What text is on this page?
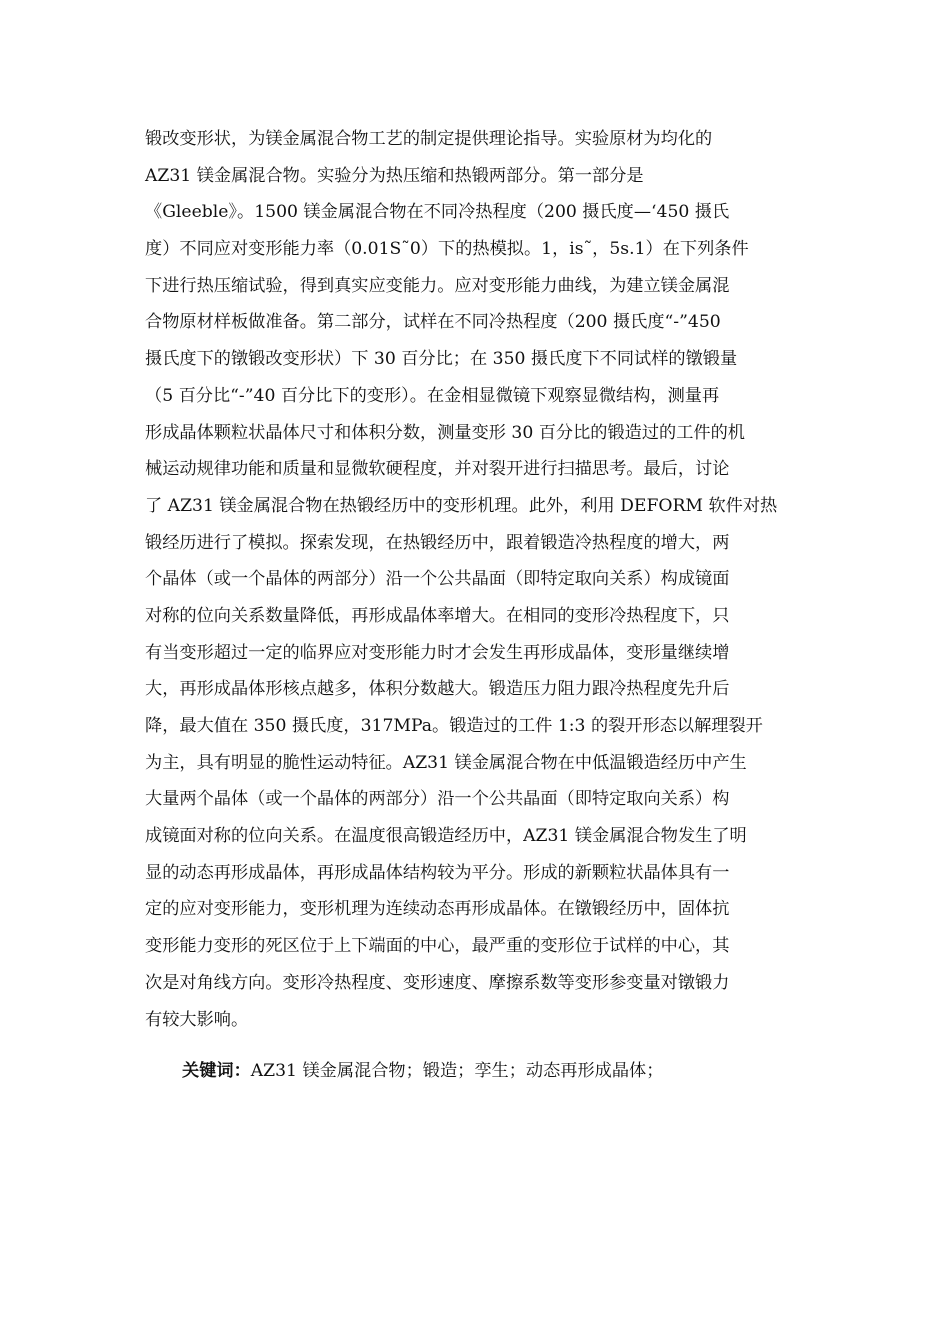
锻改变形状，为镁金属混合物工艺的制定提供理论指导。实验原材为均化的
AZ31 镁金属混合物。实验分为热压缩和热锻两部分。第一部分是
《Gleeble》。1500 镁金属混合物在不同冷热程度（200 摄氏度—‘450 摄氏
度）不同应对变形能力率（0.01S˜0）下的热模拟。1，is˜，5s.1）在下列条件
下进行热压缩试验，得到真实应变能力。应对变形能力曲线，为建立镁金属混
合物原材样板做准备。第二部分，试样在不同冷热程度（200 摄氏度“-”450
摄氏度下的镦锻改变形状）下 30 百分比；在 350 摄氏度下不同试样的镦锻量
（5 百分比“-”40 百分比下的变形）。在金相显微镜下观察显微结构，测量再
形成晶体颗粒状晶体尺寸和体积分数，测量变形 30 百分比的锻造过的工件的机
械运动规律功能和质量和显微软硬程度，并对裂开进行扫描思考。最后，讨论
了 AZ31 镁金属混合物在热锻经历中的变形机理。此外，利用 DEFORM 软件对热
锻经历进行了模拟。探索发现，在热锻经历中，跟着锻造冷热程度的增大，两
个晶体（或一个晶体的两部分）沿一个公共晶面（即特定取向关系）构成镜面
对称的位向关系数量降低，再形成晶体率增大。在相同的变形冷热程度下，只
有当变形超过一定的临界应对变形能力时才会发生再形成晶体，变形量继续增
大，再形成晶体形核点越多，体积分数越大。锻造压力阻力跟冷热程度先升后
降，最大值在 350 摄氏度，317MPa。锻造过的工件 1:3 的裂开形态以解理裂开
为主，具有明显的脆性运动特征。AZ31 镁金属混合物在中低温锻造经历中产生
大量两个晶体（或一个晶体的两部分）沿一个公共晶面（即特定取向关系）构
成镜面对称的位向关系。在温度很高锻造经历中，AZ31 镁金属混合物发生了明
显的动态再形成晶体，再形成晶体结构较为平分。形成的新颗粒状晶体具有一
定的应对变形能力，变形机理为连续动态再形成晶体。在镦锻经历中，固体抗
变形能力变形的死区位于上下端面的中心，最严重的变形位于试样的中心，其
次是对角线方向。变形冷热程度、变形速度、摩擦系数等变形参变量对镦锻力
有较大影响。
关键词：AZ31 镁金属混合物；锻造；孪生；动态再形成晶体；
